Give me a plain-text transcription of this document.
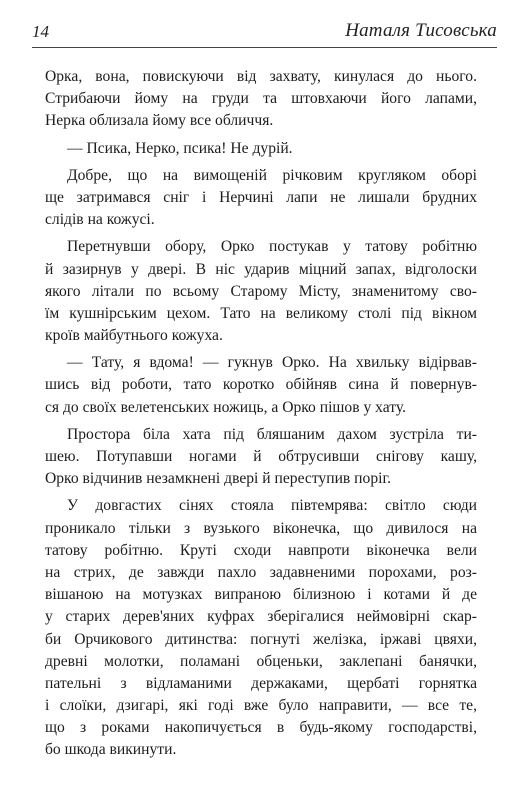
14	Наталя Тисовська
Орка, вона, повискуючи від захвату, кинулася до нього.
Стрибаючи йому на груди та штовхаючи його лапами,
Нерка облизала йому все обличчя.
— Псика, Нерко, псика! Не дурій.
Добре, що на вимощеній річковим кругляком оборі
ще затримався сніг і Нерчині лапи не лишали брудних
слідів на кожусі.
Перетнувши обору, Орко постукав у татову робітню
й зазирнув у двері. В ніс ударив міцний запах, відголоски
якого літали по всьому Старому Місту, знаменитому сво-
їм кушнірським цехом. Тато на великому столі під вікном
кроїв майбутнього кожуха.
— Тату, я вдома! — гукнув Орко. На хвильку відірвав-
шись від роботи, тато коротко обійняв сина й повернув-
ся до своїх велетенських ножиць, а Орко пішов у хату.
Простора біла хата під бляшаним дахом зустріла ти-
шею. Потупавши ногами й обтрусивши снігову кашу,
Орко відчинив незамкнені двері й переступив поріг.
У довгастих сінях стояла півтемрява: світло сюди
проникало тільки з вузького віконечка, що дивилося на
татову робітню. Круті сходи навпроти віконечка вели
на стрих, де завжди пахло задавненими порохами, роз-
вішаною на мотузках випраною білизною і котами й де
у старих дерев'яних куфрах зберігалися неймовірні скар-
би Орчикового дитинства: погнуті желізка, іржаві цвяхи,
древні молотки, поламані обценьки, заклепані банячки,
пательні з відламаними держаками, щербаті горнятка
і слоїки, дзигарі, які годі вже було направити, — все те,
що з роками накопичується в будь-якому господарстві,
бо шкода викинути.
